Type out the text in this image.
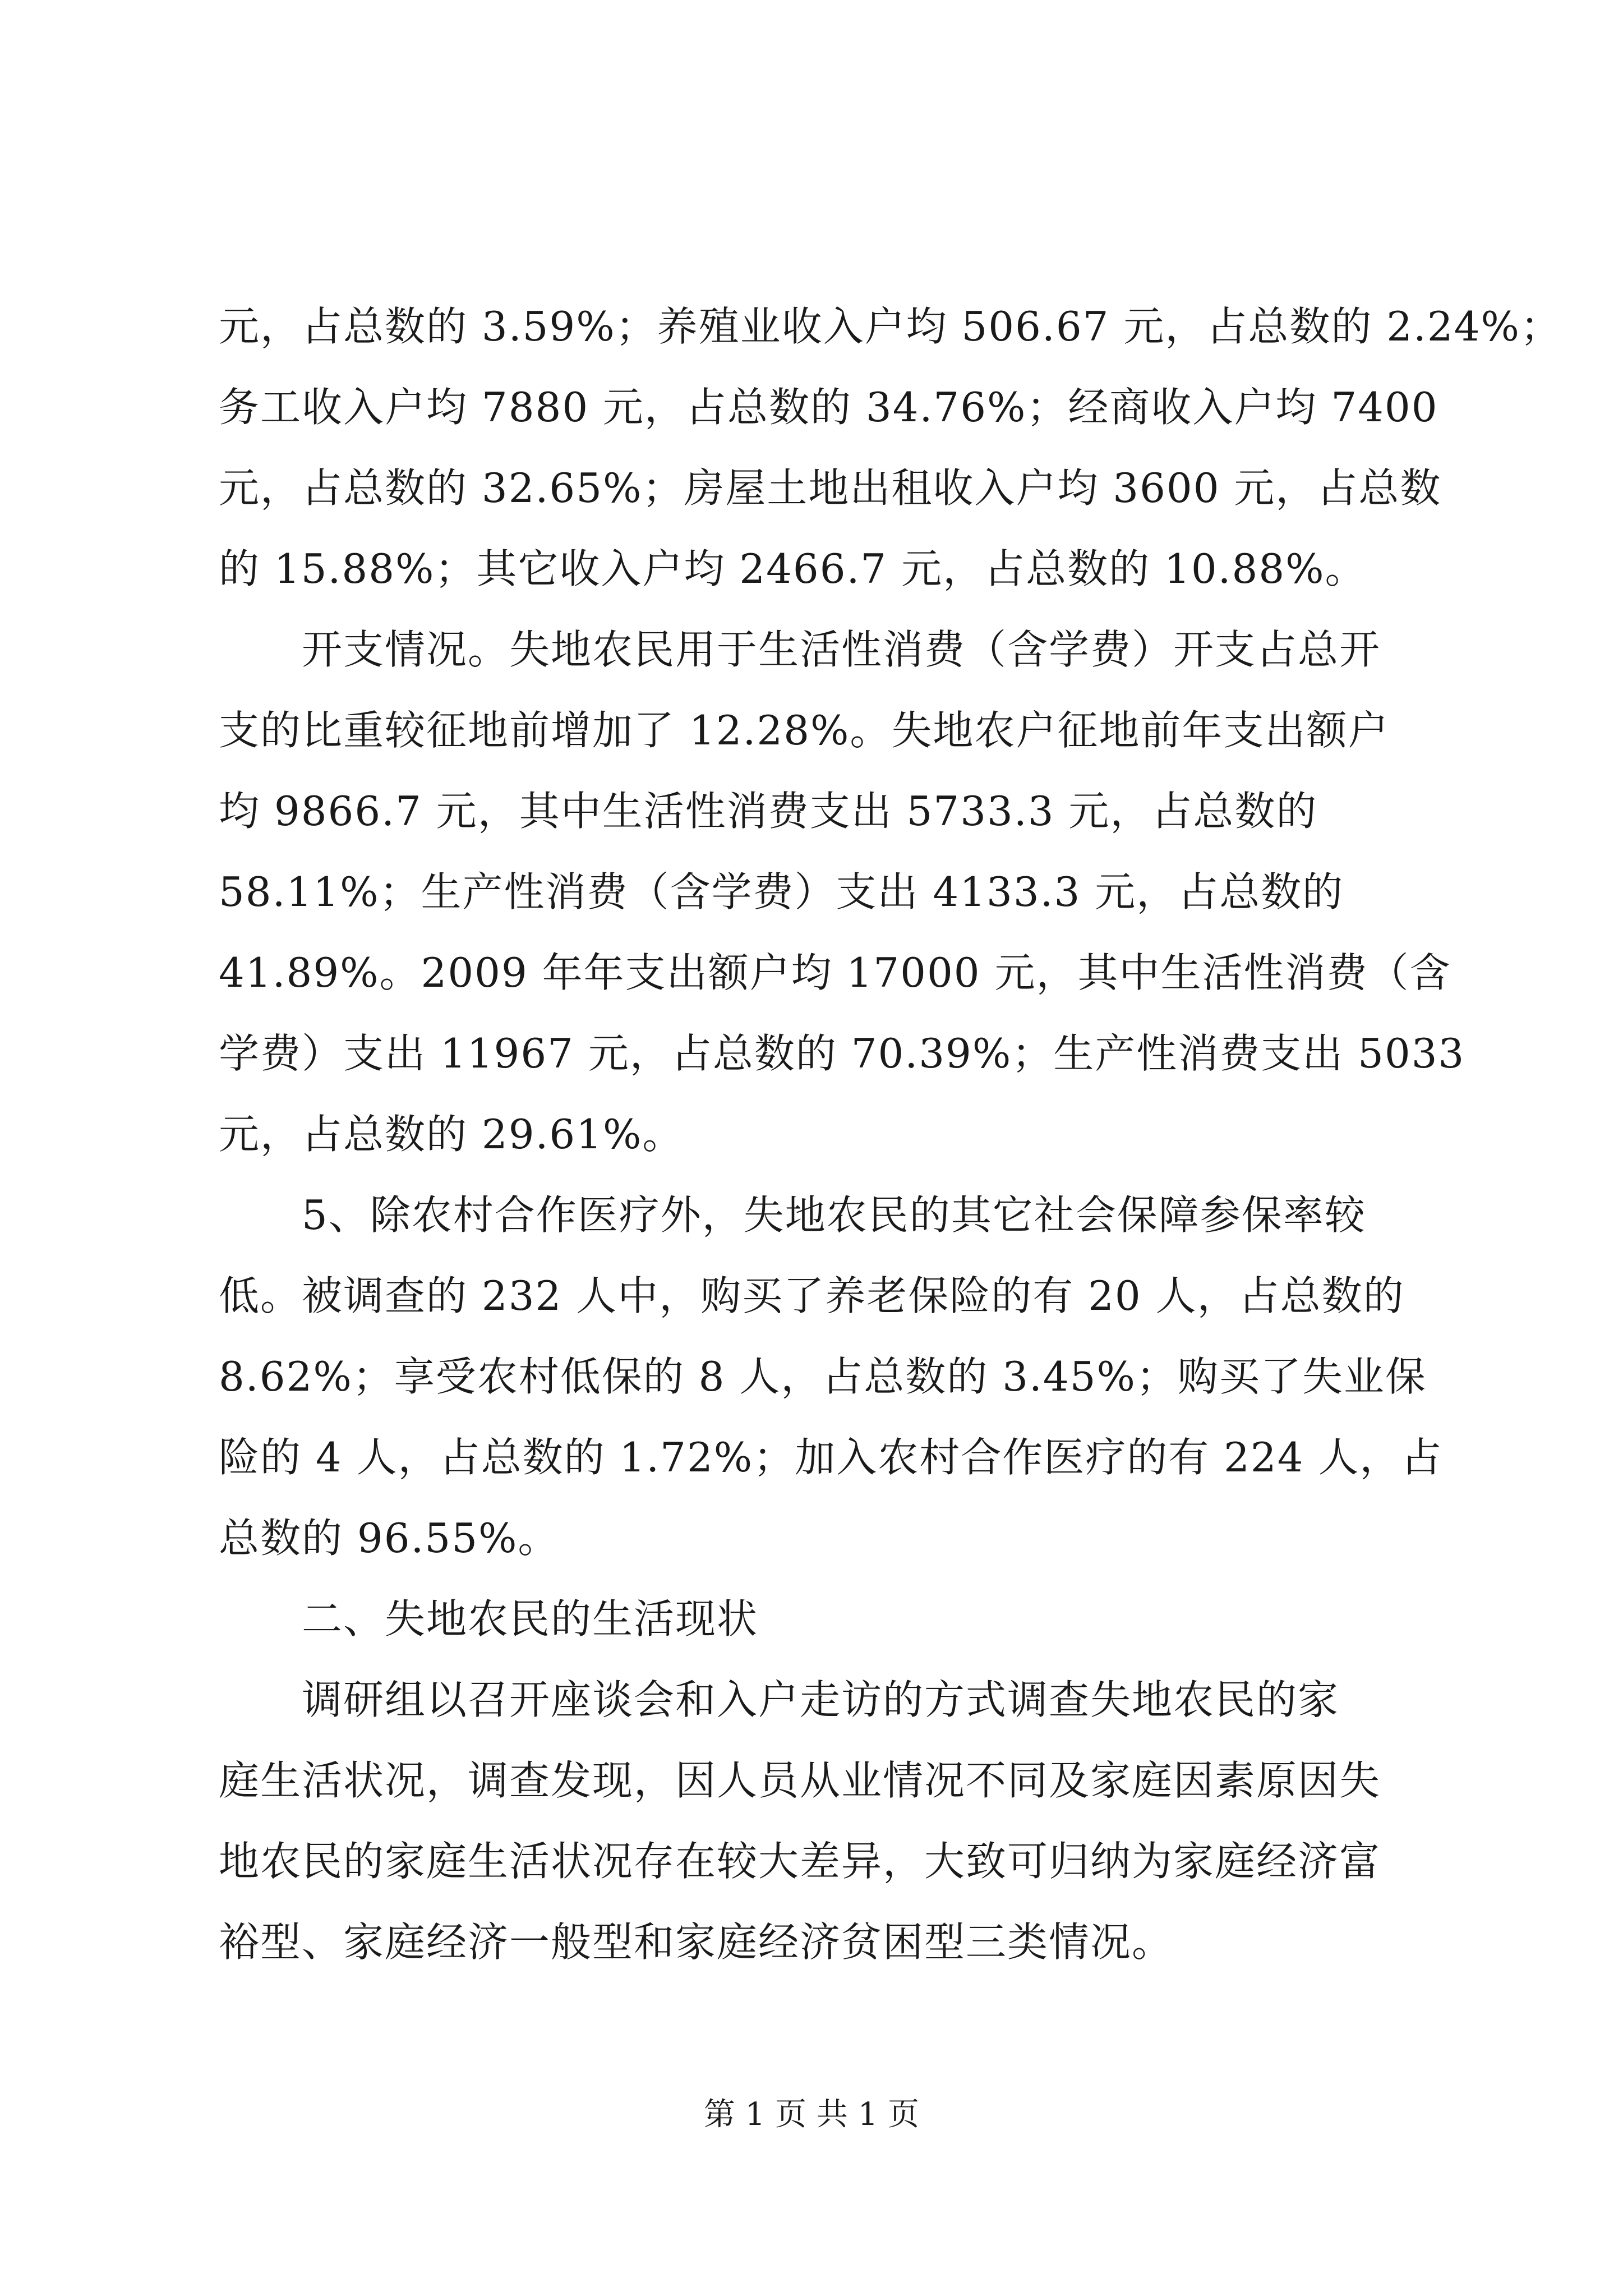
元，占总数的 3.59%；养殖业收入户均 506.67 元，占总数的 2.24%；
务工收入户均 7880 元，占总数的 34.76%；经商收入户均 7400
元，占总数的 32.65%；房屋土地出租收入户均 3600 元，占总数
的 15.88%；其它收入户均 2466.7 元，占总数的 10.88%。
开支情况。失地农民用于生活性消费（含学费）开支占总开
支的比重较征地前增加了 12.28%。失地农户征地前年支出额户
均 9866.7 元，其中生活性消费支出 5733.3 元，占总数的
58.11%；生产性消费（含学费）支出 4133.3 元，占总数的
41.89%。2009 年年支出额户均 17000 元，其中生活性消费（含
学费）支出 11967 元，占总数的 70.39%；生产性消费支出 5033
元，占总数的 29.61%。
5、除农村合作医疗外，失地农民的其它社会保障参保率较
低。被调查的 232 人中，购买了养老保险的有 20 人，占总数的
8.62%；享受农村低保的 8 人，占总数的 3.45%；购买了失业保
险的 4 人，占总数的 1.72%；加入农村合作医疗的有 224 人，占
总数的 96.55%。
二、失地农民的生活现状
调研组以召开座谈会和入户走访的方式调查失地农民的家
庭生活状况，调查发现，因人员从业情况不同及家庭因素原因失
地农民的家庭生活状况存在较大差异，大致可归纳为家庭经济富
裕型、家庭经济一般型和家庭经济贫困型三类情况。
第 1 页 共 1 页
